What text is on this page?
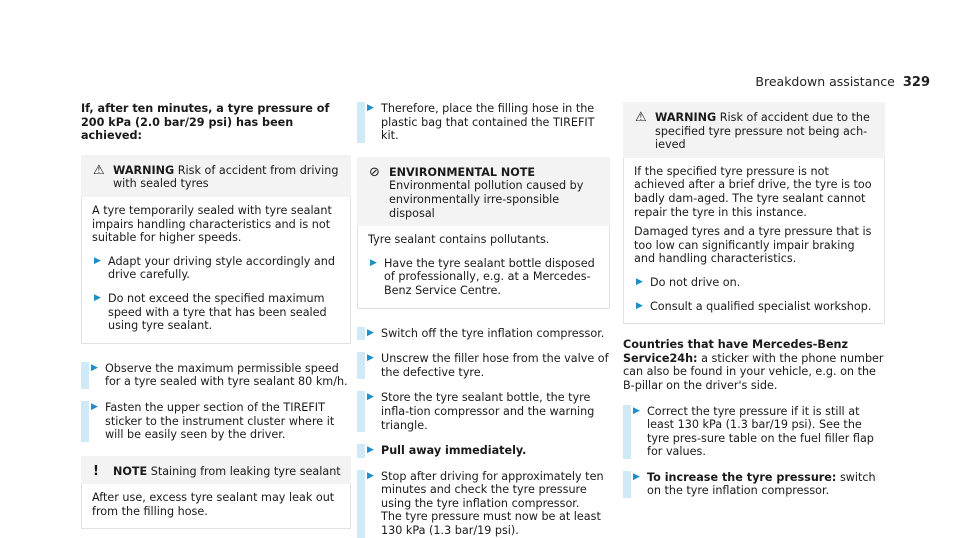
Breakdown assistance 329

If, after ten minutes, a tyre pressure of 200 kPa (2.0 bar/29 psi) has been achieved:

⚠ WARNING Risk of accident from driving with sealed tyres

A tyre temporarily sealed with tyre sealant impairs handling characteristics and is not suitable for higher speeds.

▶ Adapt your driving style accordingly and drive carefully.
▶ Do not exceed the specified maximum speed with a tyre that has been sealed using tyre sealant.
▶ Observe the maximum permissible speed for a tyre sealed with tyre sealant 80 km/h.
▶ Fasten the upper section of the TIREFIT sticker to the instrument cluster where it will be easily seen by the driver.
!	NOTE Staining from leaking tyre sealant

After use, excess tyre sealant may leak out from the filling hose.

▶ Therefore, place the filling hose in the plastic bag that contained the TIREFIT kit.
⊘ ENVIRONMENTAL NOTE Environmental pollution caused by environmentally irre-sponsible disposal

Tyre sealant contains pollutants.

▶ Have the tyre sealant bottle disposed of professionally, e.g. at a Mercedes-Benz Service Centre.
▶ Switch off the tyre inflation compressor.
▶ Unscrew the filler hose from the valve of the defective tyre.
▶ Store the tyre sealant bottle, the tyre infla-tion compressor and the warning triangle.
▶ Pull away immediately.
▶ Stop after driving for approximately ten minutes and check the tyre pressure using the tyre inflation compressor.
The tyre pressure must now be at least 130 kPa (1.3 bar/19 psi).
⚠ WARNING Risk of accident due to the specified tyre pressure not being ach-ieved

If the specified tyre pressure is not achieved after a brief drive, the tyre is too badly dam-aged. The tyre sealant cannot repair the tyre in this instance.

Damaged tyres and a tyre pressure that is too low can significantly impair braking and handling characteristics.

▶ Do not drive on.
▶ Consult a qualified specialist workshop.

Countries that have Mercedes-Benz Service24h: a sticker with the phone number can also be found in your vehicle, e.g. on the B-pillar on the driver's side.

▶ Correct the tyre pressure if it is still at least 130 kPa (1.3 bar/19 psi). See the tyre pres-sure table on the fuel filler flap for values.
▶ To increase the tyre pressure: switch on the tyre inflation compressor.
